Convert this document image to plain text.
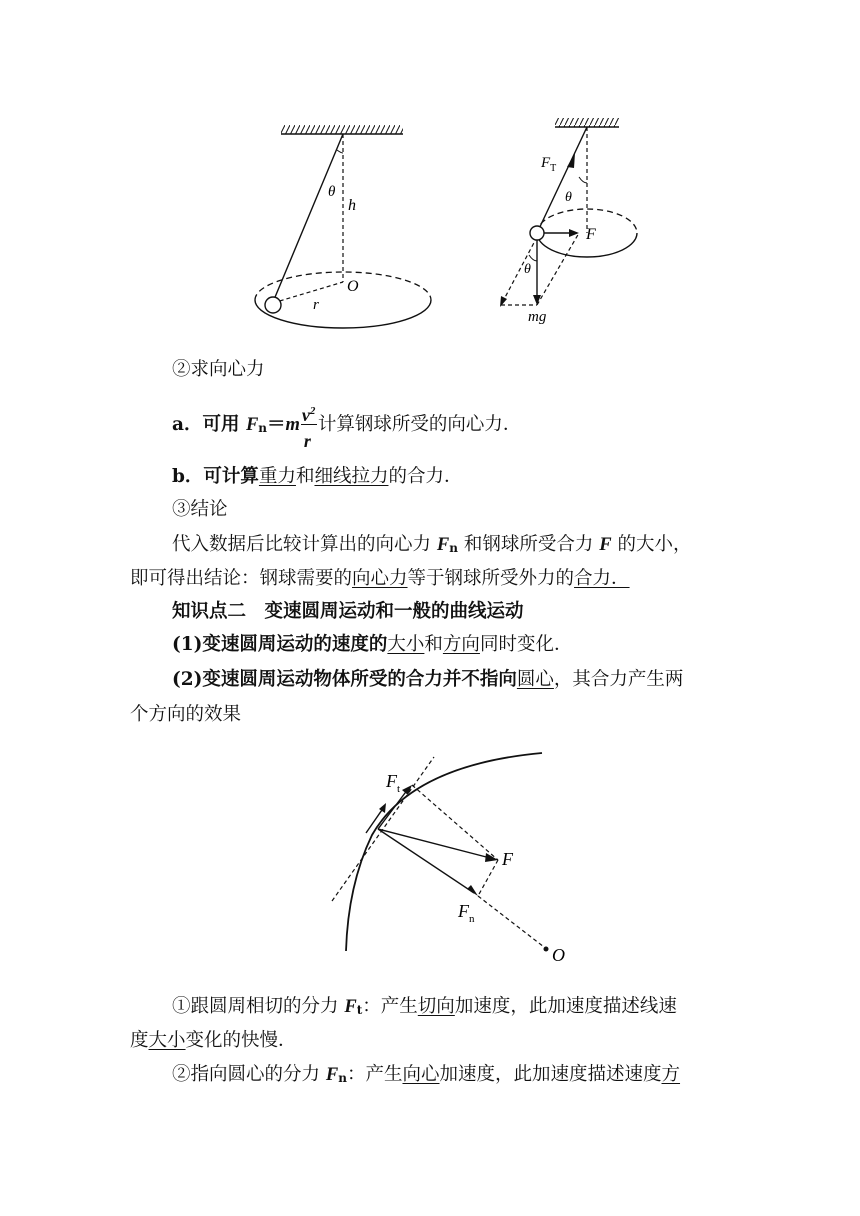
θ
h
O
r
$F_T$
θ
F
θ
mg
②求向心力
a．可用 $Fn=m \frac{v^2}{r}$ 计算钢球所受的向心力．
b．可计算重力和细线拉力的合力．
③结论
代入数据后比较计算出的向心力 Fn 和钢球所受合力 F 的大小，
即可得出结论：钢球需要的向心力等于钢球所受外力的合力．
知识点二　变速圆周运动和一般的曲线运动
(1)变速圆周运动的速度的大小和方向同时变化．
(2)变速圆周运动物体所受的合力并不指向圆心，其合力产生两
个方向的效果
$F_t$
F
$F_n$
O
①跟圆周相切的分力 Ft：产生切向加速度，此加速度描述线速
度大小变化的快慢．
②指向圆心的分力 Fn：产生向心加速度，此加速度描述速度方
